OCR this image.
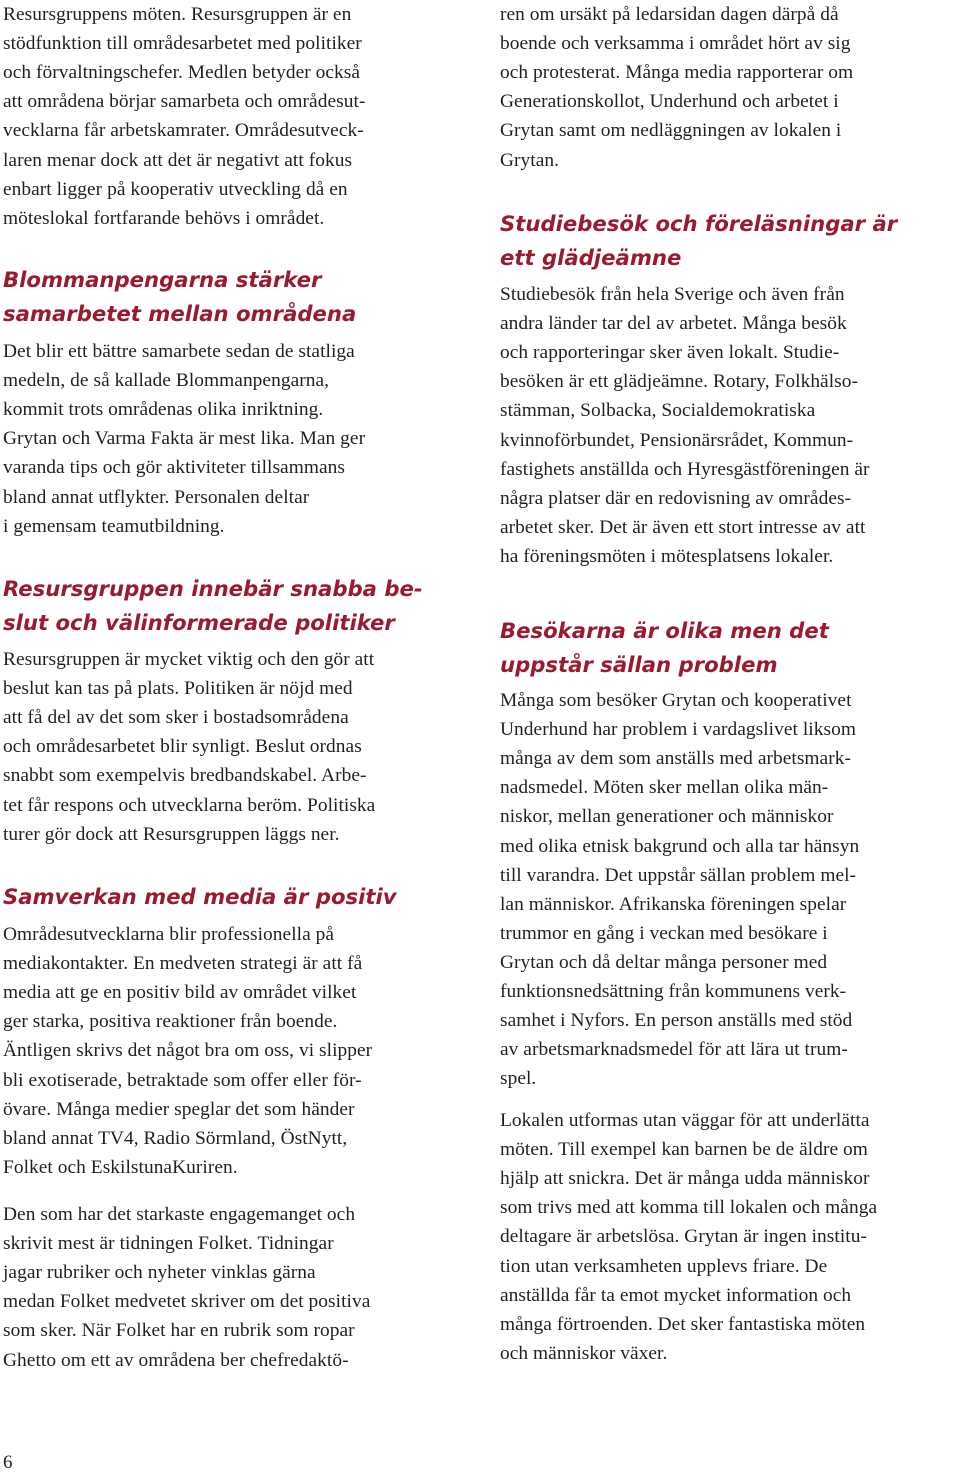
Resursgruppens möten. Resursgruppen är en
stödfunktion till områdesarbetet med politiker
och förvaltningschefer. Medlen betyder också
att områdena börjar samarbeta och områdesut-
vecklarna får arbetskamrater. Områdesutveck-
laren menar dock att det är negativt att fokus
enbart ligger på kooperativ utveckling då en
möteslokal fortfarande behövs i området.
Blommanpengarna stärker
samarbetet mellan områdena
Det blir ett bättre samarbete sedan de statliga
medeln, de så kallade Blommanpengarna,
kommit trots områdenas olika inriktning.
Grytan och Varma Fakta är mest lika. Man ger
varanda tips och gör aktiviteter tillsammans
bland annat utflykter. Personalen deltar
i gemensam teamutbildning.
Resursgruppen innebär snabba be-
slut och välinformerade politiker
Resursgruppen är mycket viktig och den gör att
beslut kan tas på plats. Politiken är nöjd med
att få del av det som sker i bostadsområdena
och områdesarbetet blir synligt. Beslut ordnas
snabbt som exempelvis bredbandskabel. Arbe-
tet får respons och utvecklarna beröm. Politiska
turer gör dock att Resursgruppen läggs ner.
Samverkan med media är positiv
Områdesutvecklarna blir professionella på
mediakontakter. En medveten strategi är att få
media att ge en positiv bild av området vilket
ger starka, positiva reaktioner från boende.
Äntligen skrivs det något bra om oss, vi slipper
bli exotiserade, betraktade som offer eller för-
övare. Många medier speglar det som händer
bland annat TV4, Radio Sörmland, ÖstNytt,
Folket och EskilstunaKuriren.
Den som har det starkaste engagemanget och
skrivit mest är tidningen Folket. Tidningar
jagar rubriker och nyheter vinklas gärna
medan Folket medvetet skriver om det positiva
som sker. När Folket har en rubrik som ropar
Ghetto om ett av områdena ber chefredaktö-
ren om ursäkt på ledarsidan dagen därpå då
boende och verksamma i området hört av sig
och protesterat. Många media rapporterar om
Generationskollot, Underhund och arbetet i
Grytan samt om nedläggningen av lokalen i
Grytan.
Studiebesök och föreläsningar är
ett glädjeämne
Studiebesök från hela Sverige och även från
andra länder tar del av arbetet. Många besök
och rapporteringar sker även lokalt. Studie-
besöken är ett glädjeämne. Rotary, Folkhälso-
stämman, Solbacka, Socialdemokratiska
kvinnoförbundet, Pensionärsrådet, Kommun-
fastighets anställda och Hyresgästföreningen är
några platser där en redovisning av områdes-
arbetet sker. Det är även ett stort intresse av att
ha föreningsmöten i mötesplatsens lokaler.
Besökarna är olika men det
uppstår sällan problem
Många som besöker Grytan och kooperativet
Underhund har problem i vardagslivet liksom
många av dem som anställs med arbetsmark-
nadsmedel. Möten sker mellan olika män-
niskor, mellan generationer och människor
med olika etnisk bakgrund och alla tar hänsyn
till varandra. Det uppstår sällan problem mel-
lan människor. Afrikanska föreningen spelar
trummor en gång i veckan med besökare i
Grytan och då deltar många personer med
funktionsnedsättning från kommunens verk-
samhet i Nyfors. En person anställs med stöd
av arbetsmarknadsmedel för att lära ut trum-
spel.
Lokalen utformas utan väggar för att underlätta
möten. Till exempel kan barnen be de äldre om
hjälp att snickra. Det är många udda människor
som trivs med att komma till lokalen och många
deltagare är arbetslösa. Grytan är ingen institu-
tion utan verksamheten upplevs friare. De
anställda får ta emot mycket information och
många förtroenden. Det sker fantastiska möten
och människor växer.
6
